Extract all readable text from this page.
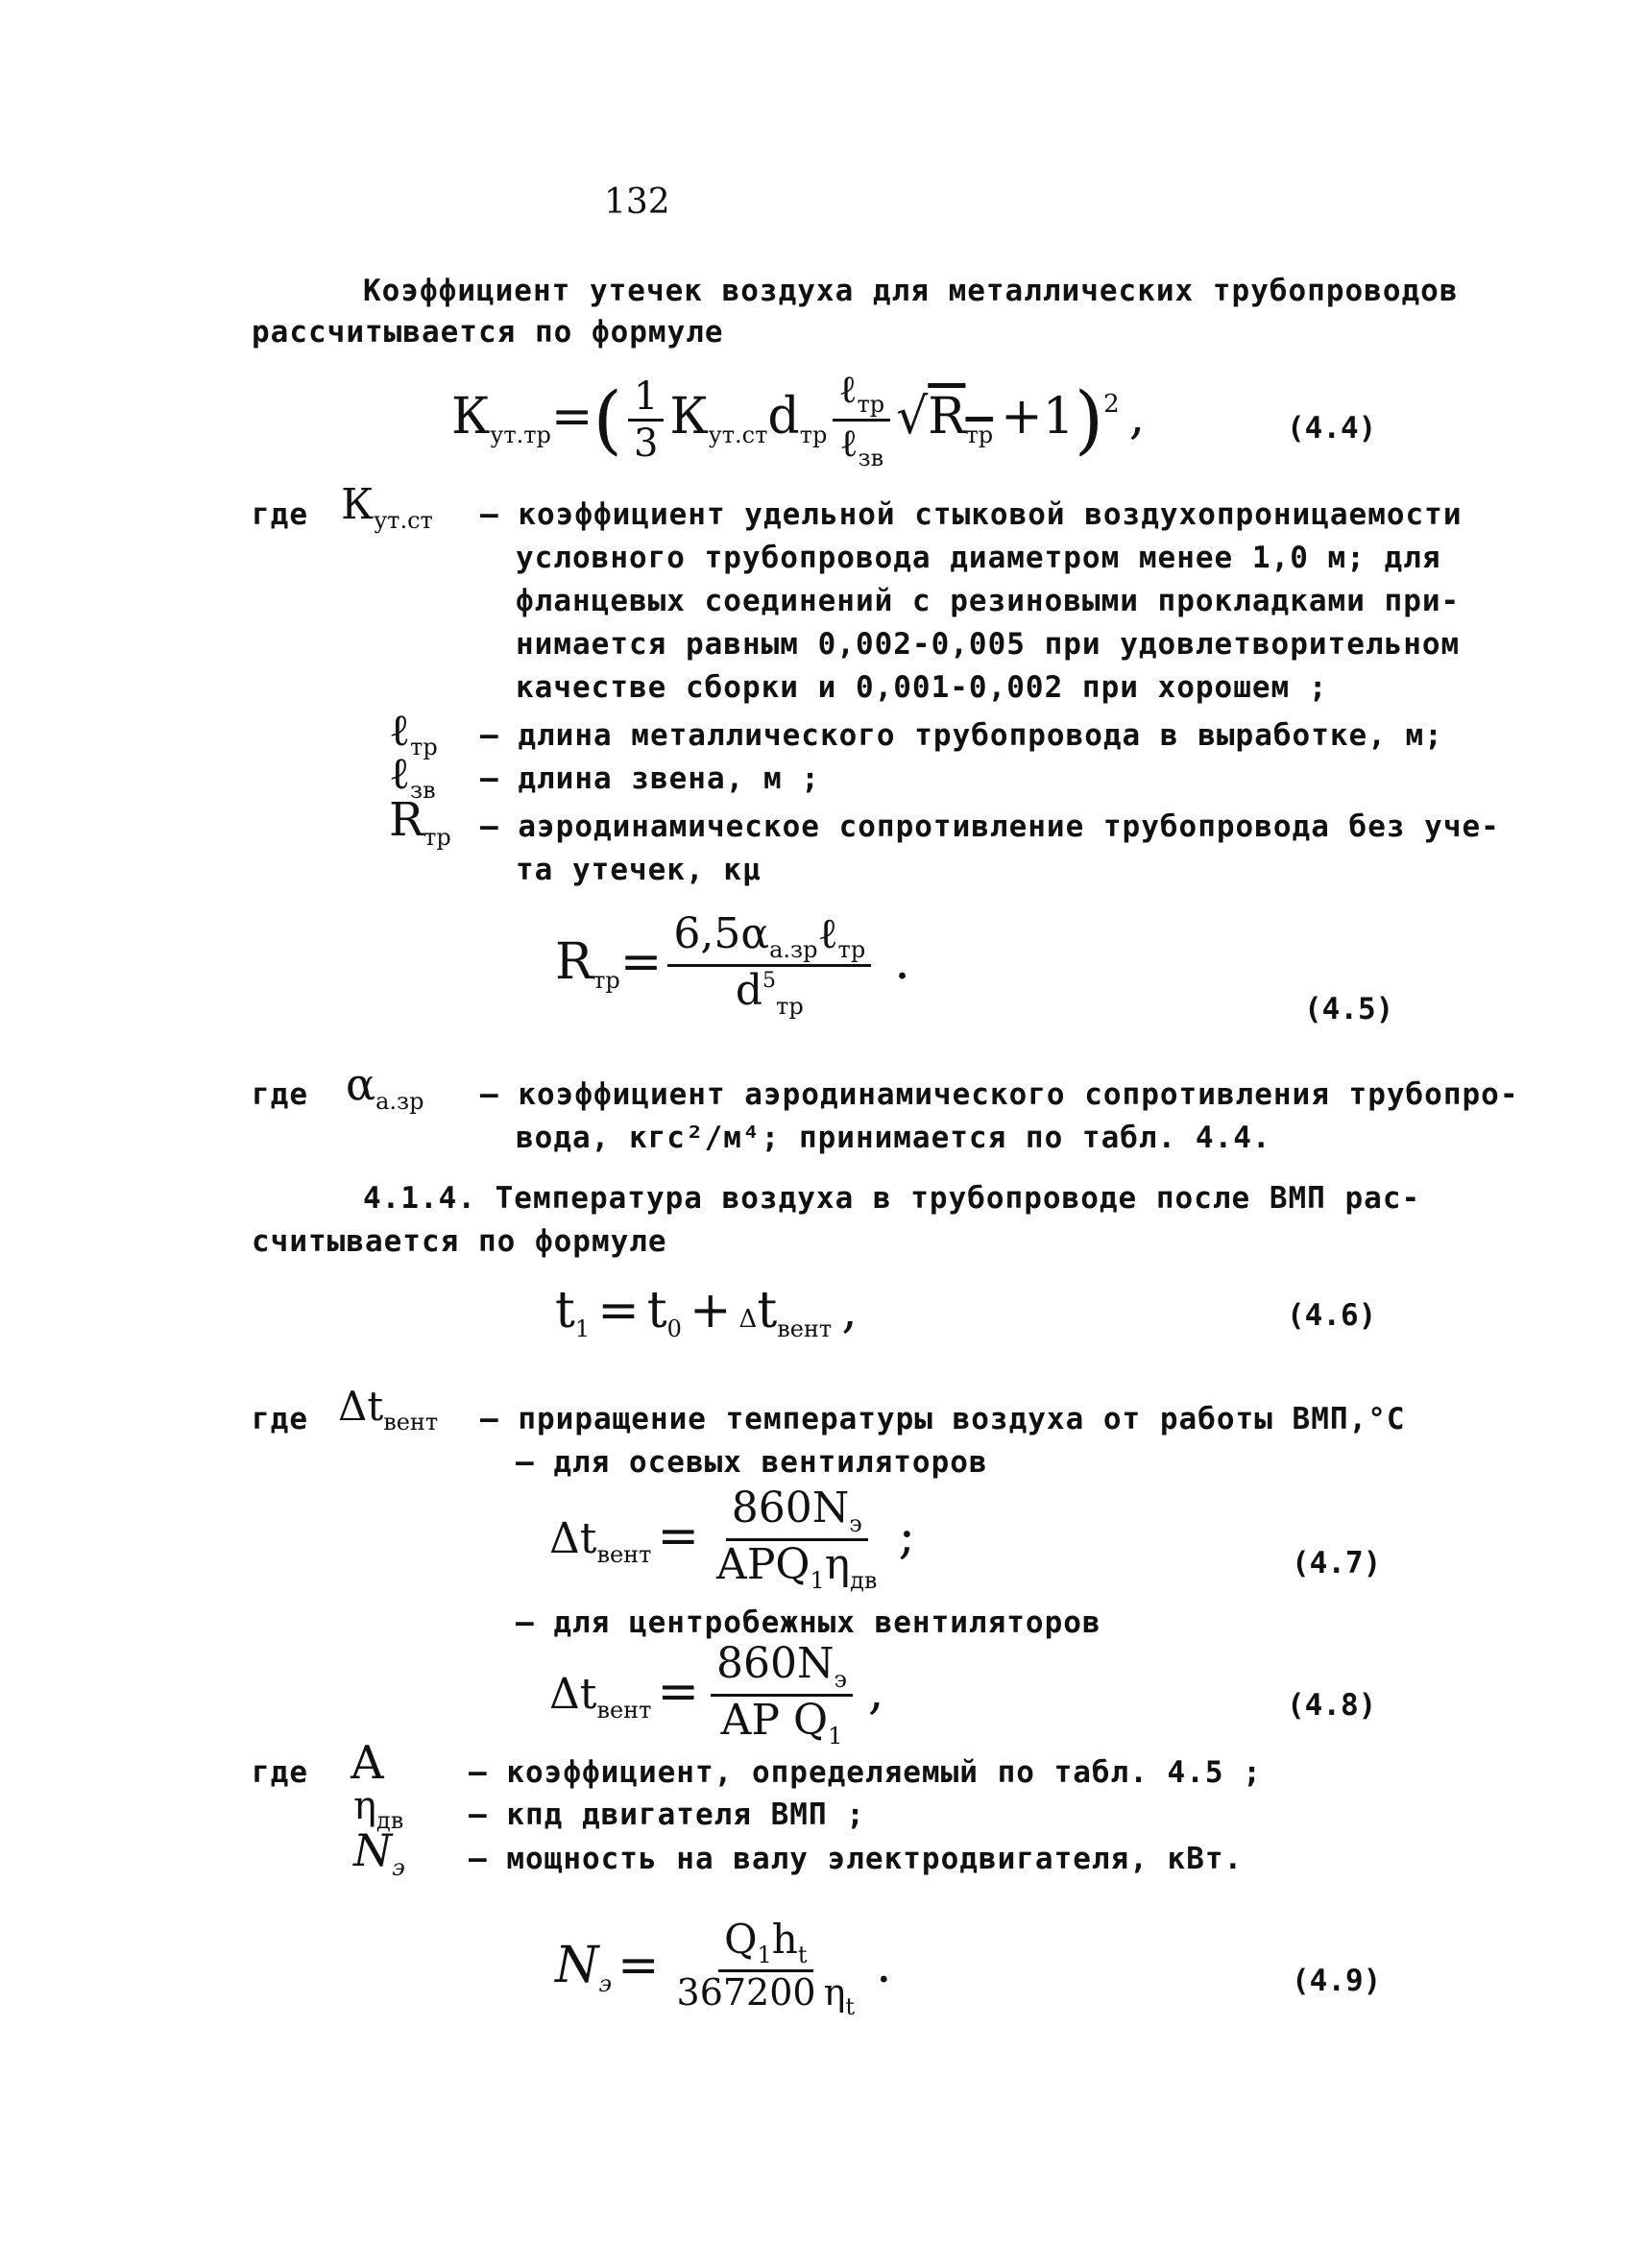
132
Коэффициент утечек воздуха для металлических трубопроводов
рассчитывается по формуле
$К_{ут.тр}=( \frac{1}{3} К_{ут.ст}d_{тр} \frac{\ell_{тр}}{\ell_{зв}} √R_{тр} +1)^2$ ,	(4.4)
где $К_{ут.ст}$ – коэффициент удельной стыковой воздухопроницаемости
условного трубопровода диаметром менее 1,0 м; для
фланцевых соединений с резиновыми прокладками при-
нимается равным 0,002-0,005 при удовлетворительном
качестве сборки и 0,001-0,002 при хорошем ;
ℓ$_{тр}$ – длина металлического трубопровода в выработке, м;
ℓ$_{зв}$ – длина звена, м ;
$R_{тр}$ – аэродинамическое сопротивление трубопровода без уче-
та утечек, кμ
$R_{тр}= \frac{6,5\alpha_{a.зр}\ell_{тр}}{d^5_{тр}}$ .
(4.5)
где $\alpha_{a.зр}$ – коэффициент аэродинамического сопротивления трубопро-
вода, кгс²/м⁴; принимается по табл. 4.4.
4.1.4. Температура воздуха в трубопроводе после ВМП рас-
считывается по формуле
$t_1 = t_0 + \Delta t_{вент}$ ,	(4.6)
где $\Delta t_{вент}$ – приращение температуры воздуха от работы ВМП,°С
– для осевых вентиляторов
$\Delta t_{вент} = \frac{860N_э}{APQ_1\eta_{дв}}$ ;	(4.7)
– для центробежных вентиляторов
$\Delta t_{вент} = \frac{860N_э}{AP Q_1}$ ,	(4.8)
где A	– коэффициент, определяемый по табл. 4.5 ;
$\eta_{дв}$ – кпд двигателя ВМП ;
$N_э$ – мощность на валу электродвигателя, кВт.
$N_э = \frac{Q_1h_t}{367200 \eta_t}$ .	(4.9)
